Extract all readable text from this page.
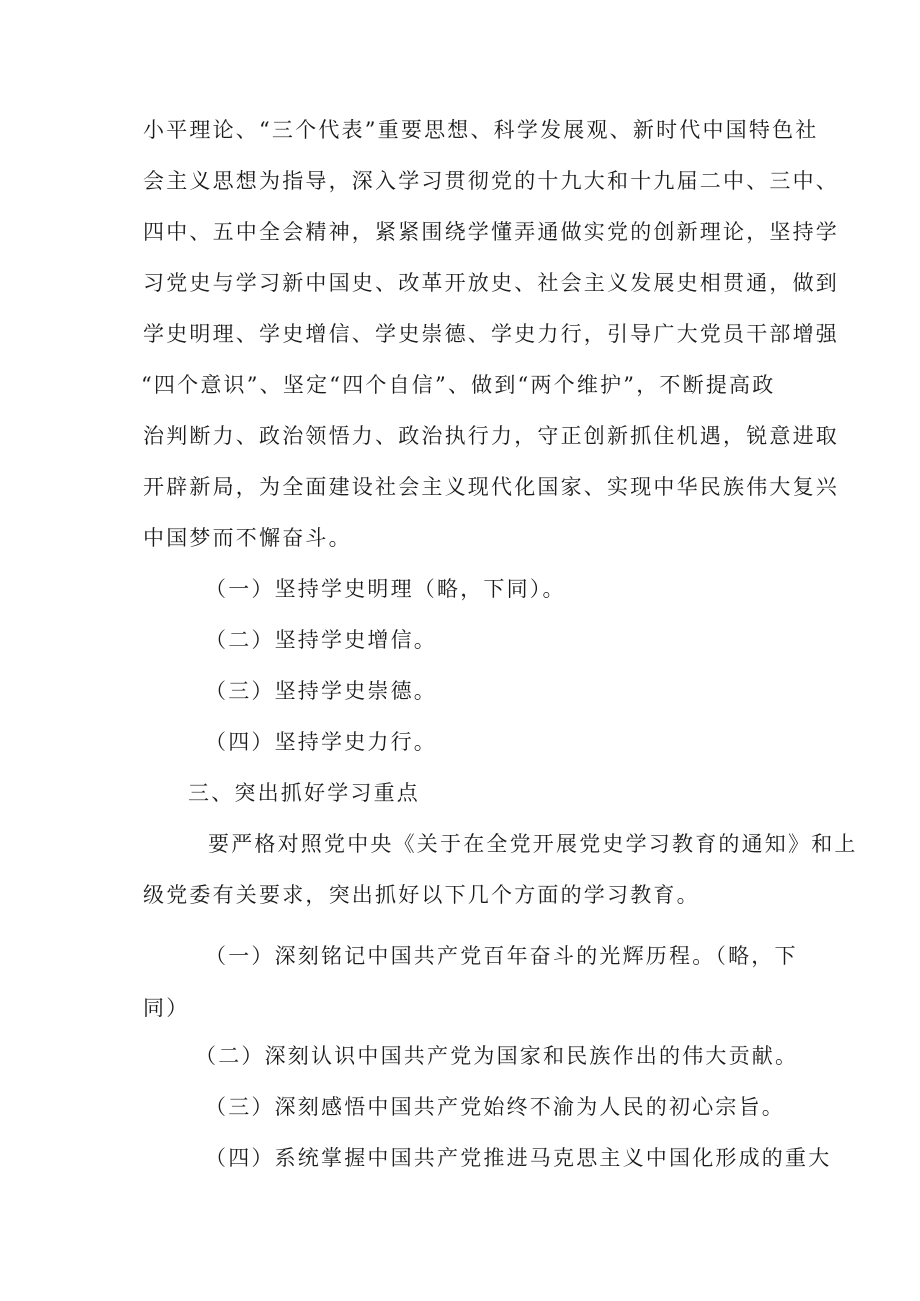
小平理论、“三个代表”重要思想、科学发展观、新时代中国特色社
会主义思想为指导，深入学习贯彻党的十九大和十九届二中、三中、
四中、五中全会精神，紧紧围绕学懂弄通做实党的创新理论，坚持学
习党史与学习新中国史、改革开放史、社会主义发展史相贯通，做到
学史明理、学史增信、学史崇德、学史力行，引导广大党员干部增强
“四个意识”、坚定“四个自信”、做到“两个维护”，不断提高政
治判断力、政治领悟力、政治执行力，守正创新抓住机遇，锐意进取
开辟新局，为全面建设社会主义现代化国家、实现中华民族伟大复兴
中国梦而不懈奋斗。
（一）坚持学史明理（略，下同）。
（二）坚持学史增信。
（三）坚持学史崇德。
（四）坚持学史力行。
三、突出抓好学习重点
要严格对照党中央《关于在全党开展党史学习教育的通知》和上
级党委有关要求，突出抓好以下几个方面的学习教育。
（一）深刻铭记中国共产党百年奋斗的光辉历程。（略，下
同）
（二）深刻认识中国共产党为国家和民族作出的伟大贡献。
（三）深刻感悟中国共产党始终不渝为人民的初心宗旨。
（四）系统掌握中国共产党推进马克思主义中国化形成的重大
